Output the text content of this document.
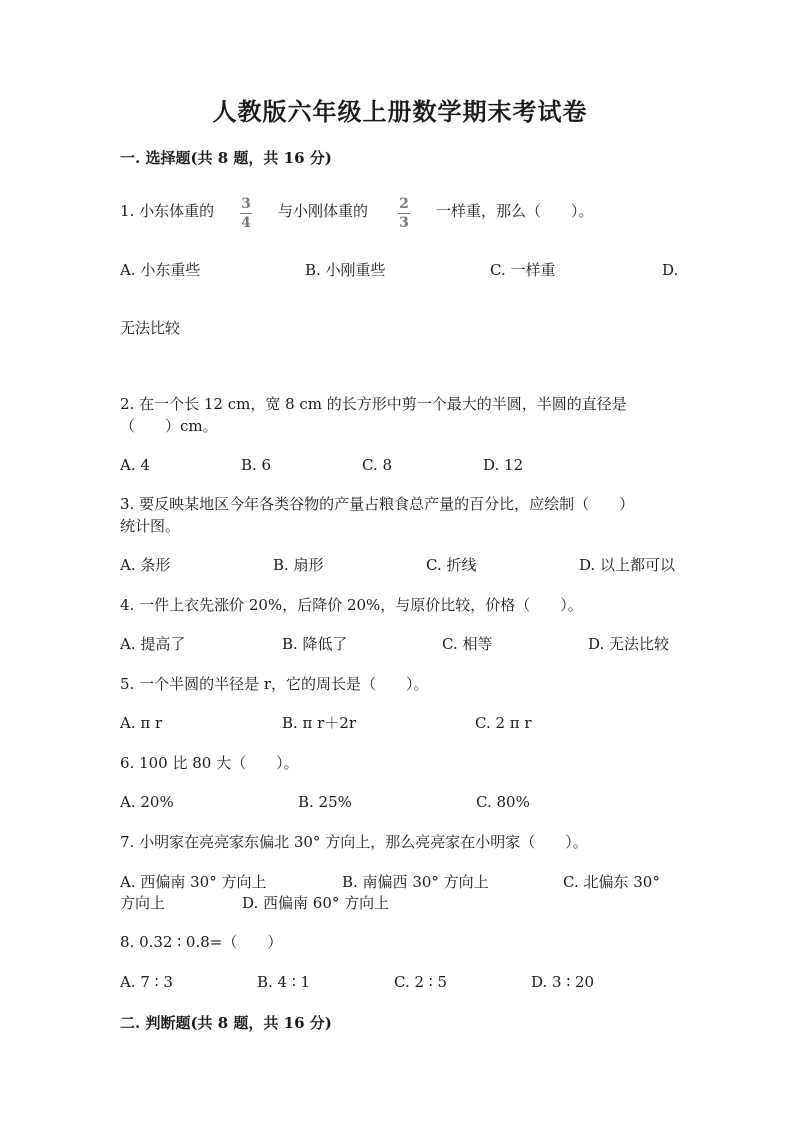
人教版六年级上册数学期末考试卷
一. 选择题(共 8 题，共 16 分)
1. 小东体重的 3
4
与小刚体重的 2
3
一样重，那么（　　）。
A. 小东重些	B. 小刚重些	C. 一样重	D.
无法比较
2. 在一个长 12 cm，宽 8 cm 的长方形中剪一个最大的半圆，半圆的直径是
（　　）cm。
A. 4	B. 6	C. 8	D. 12
3. 要反映某地区今年各类谷物的产量占粮食总产量的百分比，应绘制（　　）
统计图。
A. 条形	B. 扇形	C. 折线	D. 以上都可以
4. 一件上衣先涨价 20%，后降价 20%，与原价比较，价格（　　）。
A. 提高了	B. 降低了	C. 相等	D. 无法比较
5. 一个半圆的半径是 r，它的周长是（　　）。
A. π r	B. π r＋2r	C. 2 π r
6. 100 比 80 大（　　）。
A. 20%	B. 25%	C. 80%
7. 小明家在亮亮家东偏北 30° 方向上，那么亮亮家在小明家（　　）。
A. 西偏南 30° 方向上	B. 南偏西 30° 方向上	C. 北偏东 30°
方向上	D. 西偏南 60° 方向上
8. 0.32 ∶ 0.8=（　　）
A. 7 ∶ 3	B. 4 ∶ 1	C. 2 ∶ 5	D. 3 ∶ 20
二. 判断题(共 8 题，共 16 分)
